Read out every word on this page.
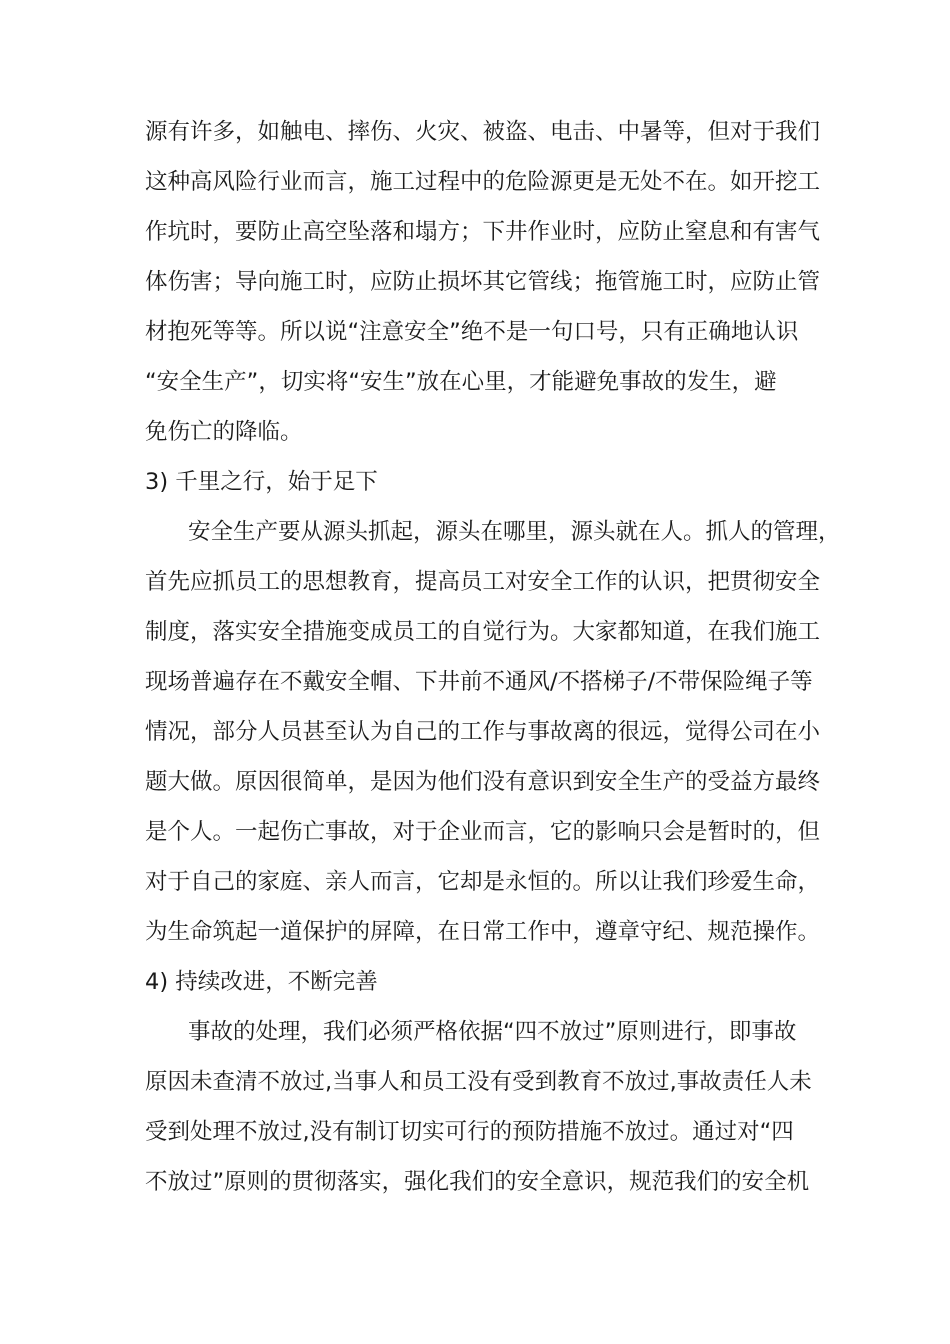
源有许多，如触电、摔伤、火灾、被盗、电击、中暑等，但对于我们
这种高风险行业而言，施工过程中的危险源更是无处不在。如开挖工
作坑时，要防止高空坠落和塌方；下井作业时，应防止窒息和有害气
体伤害；导向施工时，应防止损坏其它管线；拖管施工时，应防止管
材抱死等等。所以说“注意安全”绝不是一句口号，只有正确地认识
“安全生产”，切实将“安生”放在心里，才能避免事故的发生，避
免伤亡的降临。
3) 千里之行，始于足下
安全生产要从源头抓起，源头在哪里，源头就在人。抓人的管理，
首先应抓员工的思想教育，提高员工对安全工作的认识，把贯彻安全
制度，落实安全措施变成员工的自觉行为。大家都知道，在我们施工
现场普遍存在不戴安全帽、下井前不通风/不搭梯子/不带保险绳子等
情况，部分人员甚至认为自己的工作与事故离的很远，觉得公司在小
题大做。原因很简单，是因为他们没有意识到安全生产的受益方最终
是个人。一起伤亡事故，对于企业而言，它的影响只会是暂时的，但
对于自己的家庭、亲人而言，它却是永恒的。所以让我们珍爱生命，
为生命筑起一道保护的屏障，在日常工作中，遵章守纪、规范操作。
4) 持续改进，不断完善
事故的处理，我们必须严格依据“四不放过”原则进行，即事故
原因未查清不放过,当事人和员工没有受到教育不放过,事故责任人未
受到处理不放过,没有制订切实可行的预防措施不放过。通过对“四
不放过”原则的贯彻落实，强化我们的安全意识，规范我们的安全机
